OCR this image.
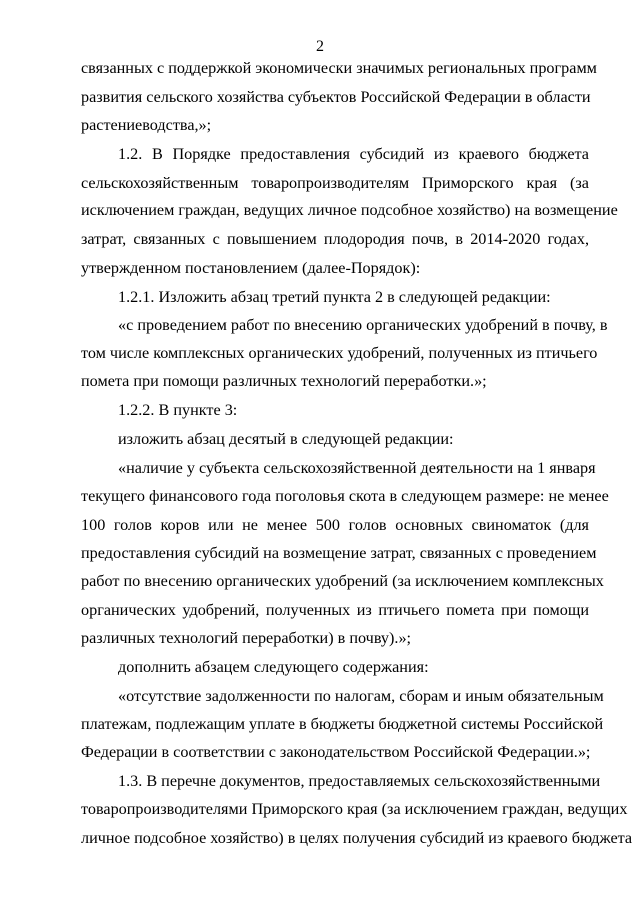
2
связанных с поддержкой экономически значимых региональных программ
развития сельского хозяйства субъектов Российской Федерации в области
растениеводства,»;
1.2. В Порядке предоставления субсидий из краевого бюджета
сельскохозяйственным товаропроизводителям Приморского края (за
исключением граждан, ведущих личное подсобное хозяйство) на возмещение
затрат, связанных с повышением плодородия почв, в 2014-2020 годах,
утвержденном постановлением (далее-Порядок):
1.2.1. Изложить абзац третий пункта 2 в следующей редакции:
«с проведением работ по внесению органических удобрений в почву, в
том числе комплексных органических удобрений, полученных из птичьего
помета при помощи различных технологий переработки.»;
1.2.2. В пункте 3:
изложить абзац десятый в следующей редакции:
«наличие у субъекта сельскохозяйственной деятельности на 1 января
текущего финансового года поголовья скота в следующем размере: не менее
100 голов коров или не менее 500 голов основных свиноматок (для
предоставления субсидий на возмещение затрат, связанных с проведением
работ по внесению органических удобрений (за исключением комплексных
органических удобрений, полученных из птичьего помета при помощи
различных технологий переработки) в почву).»;
дополнить абзацем следующего содержания:
«отсутствие задолженности по налогам, сборам и иным обязательным
платежам, подлежащим уплате в бюджеты бюджетной системы Российской
Федерации в соответствии с законодательством Российской Федерации.»;
1.3. В перечне документов, предоставляемых сельскохозяйственными
товаропроизводителями Приморского края (за исключением граждан, ведущих
личное подсобное хозяйство) в целях получения субсидий из краевого бюджета
